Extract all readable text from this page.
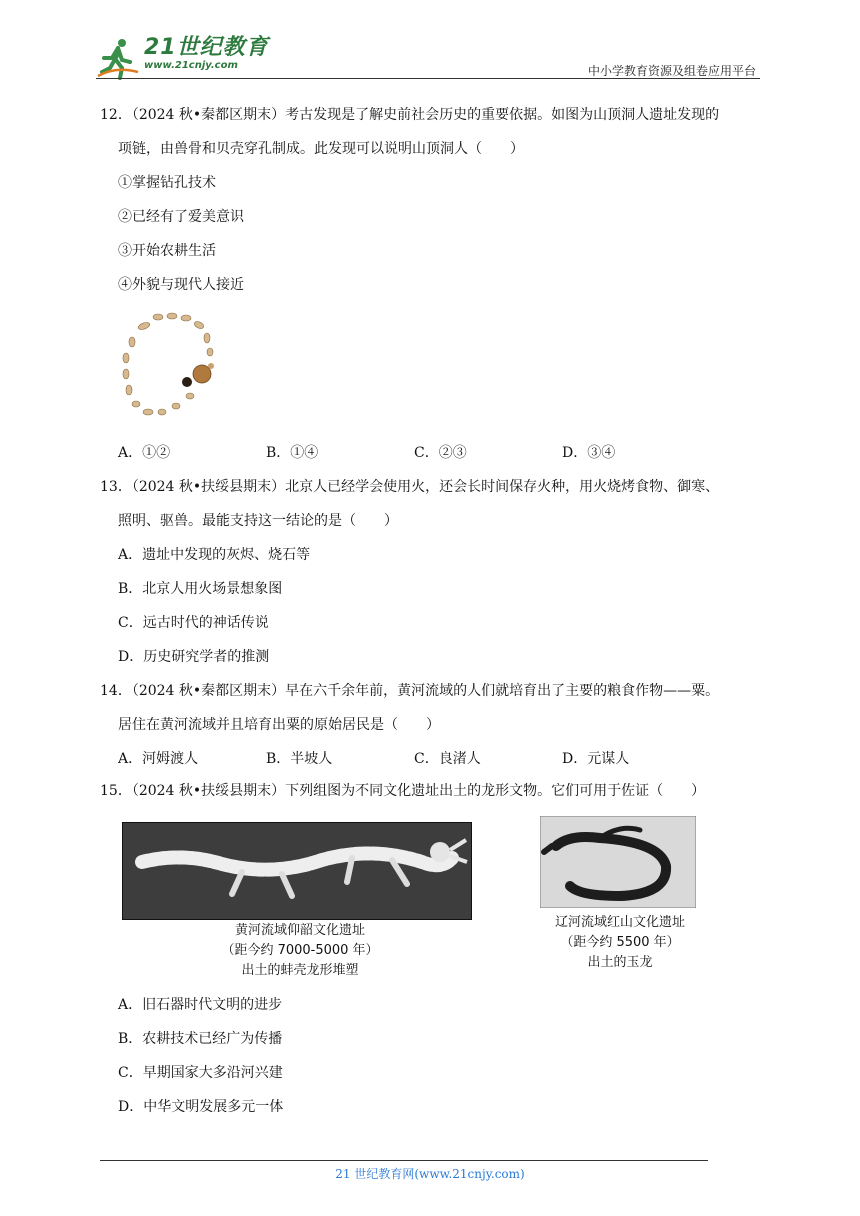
21世纪教育
www.21cnjy.com	中小学教育资源及组卷应用平台
12．（2024 秋•秦都区期末）考古发现是了解史前社会历史的重要依据。如图为山顶洞人遗址发现的
项链，由兽骨和贝壳穿孔制成。此发现可以说明山顶洞人（　　）
①掌握钻孔技术
②已经有了爱美意识
③开始农耕生活
④外貌与现代人接近
A．①②	B．①④	C．②③	D．③④
13．（2024 秋•扶绥县期末）北京人已经学会使用火，还会长时间保存火种，用火烧烤食物、御寒、
照明、驱兽。最能支持这一结论的是（　　）
A．遗址中发现的灰烬、烧石等
B．北京人用火场景想象图
C．远古时代的神话传说
D．历史研究学者的推测
14．（2024 秋•秦都区期末）早在六千余年前，黄河流域的人们就培育出了主要的粮食作物——粟。
居住在黄河流域并且培育出粟的原始居民是（　　）
A．河姆渡人	B．半坡人	C．良渚人	D．元谋人
15．（2024 秋•扶绥县期末）下列组图为不同文化遗址出土的龙形文物。它们可用于佐证（　　）
黄河流域仰韶文化遗址
（距今约 7000-5000 年）
出土的蚌壳龙形堆塑
辽河流域红山文化遗址
（距今约 5500 年）
出土的玉龙
A．旧石器时代文明的进步
B．农耕技术已经广为传播
C．早期国家大多沿河兴建
D．中华文明发展多元一体
21 世纪教育网(www.21cnjy.com)
